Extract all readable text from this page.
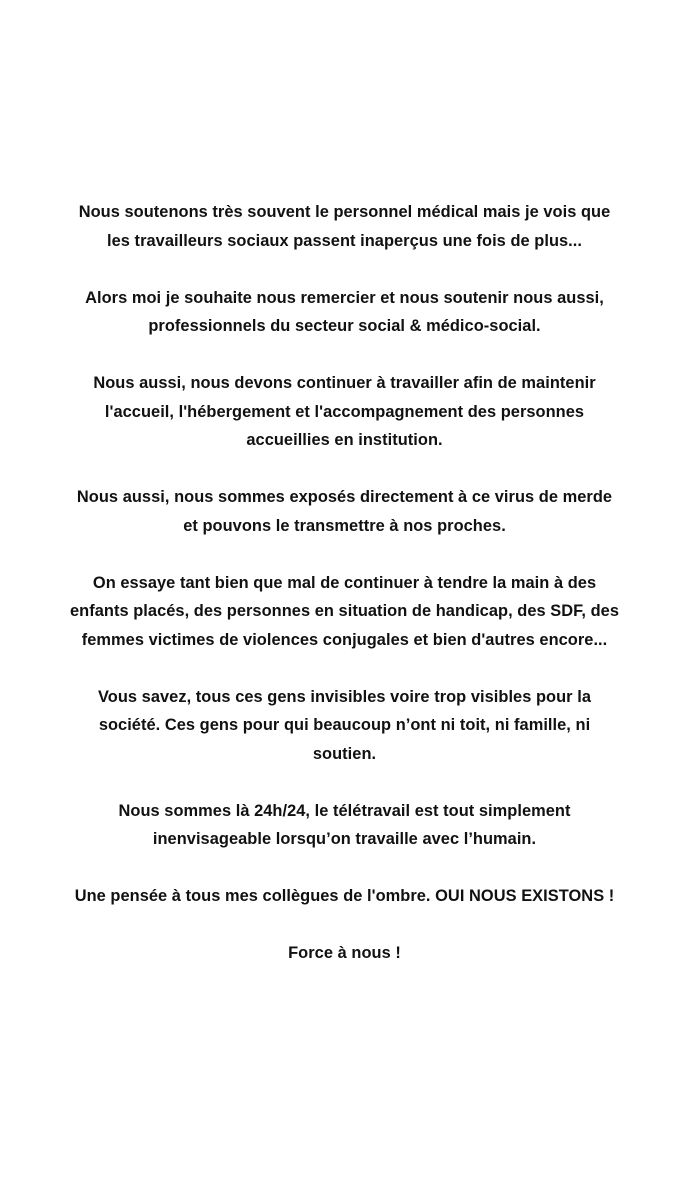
Nous soutenons très souvent le personnel médical mais je vois que
les travailleurs sociaux passent inaperçus une fois de plus...

Alors moi je souhaite nous remercier et nous soutenir nous aussi,
professionnels du secteur social & médico-social.

Nous aussi, nous devons continuer à travailler afin de maintenir
l'accueil, l'hébergement et l'accompagnement des personnes
accueillies en institution.

Nous aussi, nous sommes exposés directement à ce virus de merde
et pouvons le transmettre à nos proches.

On essaye tant bien que mal de continuer à tendre la main à des
enfants placés, des personnes en situation de handicap, des SDF, des
femmes victimes de violences conjugales et bien d'autres encore...

Vous savez, tous ces gens invisibles voire trop visibles pour la
société. Ces gens pour qui beaucoup n’ont ni toit, ni famille, ni
soutien.

Nous sommes là 24h/24, le télétravail est tout simplement
inenvisageable lorsqu’on travaille avec l’humain.

Une pensée à tous mes collègues de l'ombre. OUI NOUS EXISTONS !

Force à nous !
